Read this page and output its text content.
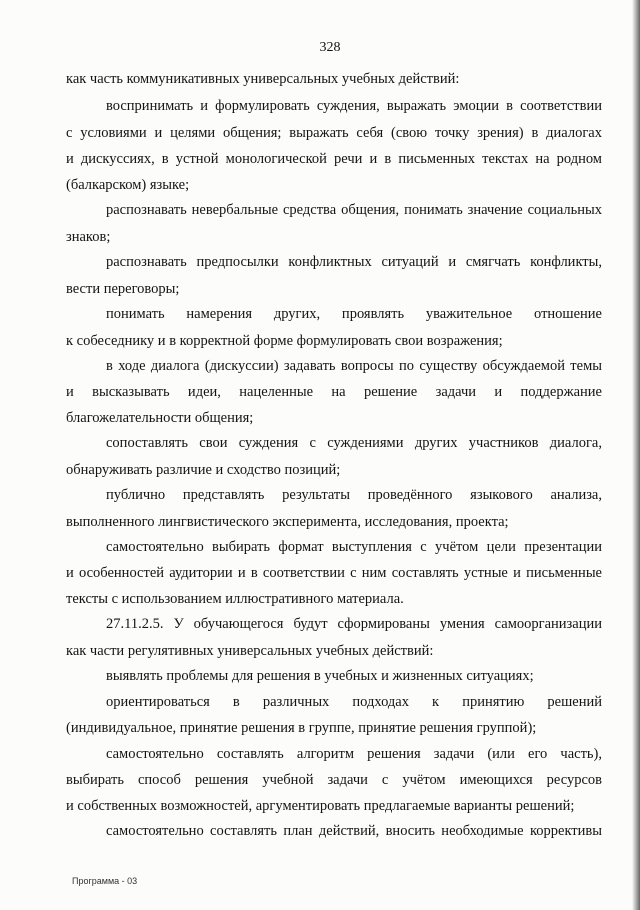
328
как часть коммуникативных универсальных учебных действий:
воспринимать и формулировать суждения, выражать эмоции в соответствии
с условиями и целями общения; выражать себя (свою точку зрения) в диалогах
и дискуссиях, в устной монологической речи и в письменных текстах на родном
(балкарском) языке;
распознавать невербальные средства общения, понимать значение социальных
знаков;
распознавать предпосылки конфликтных ситуаций и смягчать конфликты,
вести переговоры;
понимать намерения других, проявлять уважительное отношение
к собеседнику и в корректной форме формулировать свои возражения;
в ходе диалога (дискуссии) задавать вопросы по существу обсуждаемой темы
и высказывать идеи, нацеленные на решение задачи и поддержание
благожелательности общения;
сопоставлять свои суждения с суждениями других участников диалога,
обнаруживать различие и сходство позиций;
публично представлять результаты проведённого языкового анализа,
выполненного лингвистического эксперимента, исследования, проекта;
самостоятельно выбирать формат выступления с учётом цели презентации
и особенностей аудитории и в соответствии с ним составлять устные и письменные
тексты с использованием иллюстративного материала.
27.11.2.5. У обучающегося будут сформированы умения самоорганизации
как части регулятивных универсальных учебных действий:
выявлять проблемы для решения в учебных и жизненных ситуациях;
ориентироваться в различных подходах к принятию решений
(индивидуальное, принятие решения в группе, принятие решения группой);
самостоятельно составлять алгоритм решения задачи (или его часть),
выбирать способ решения учебной задачи с учётом имеющихся ресурсов
и собственных возможностей, аргументировать предлагаемые варианты решений;
самостоятельно составлять план действий, вносить необходимые коррективы
Программа - 03
